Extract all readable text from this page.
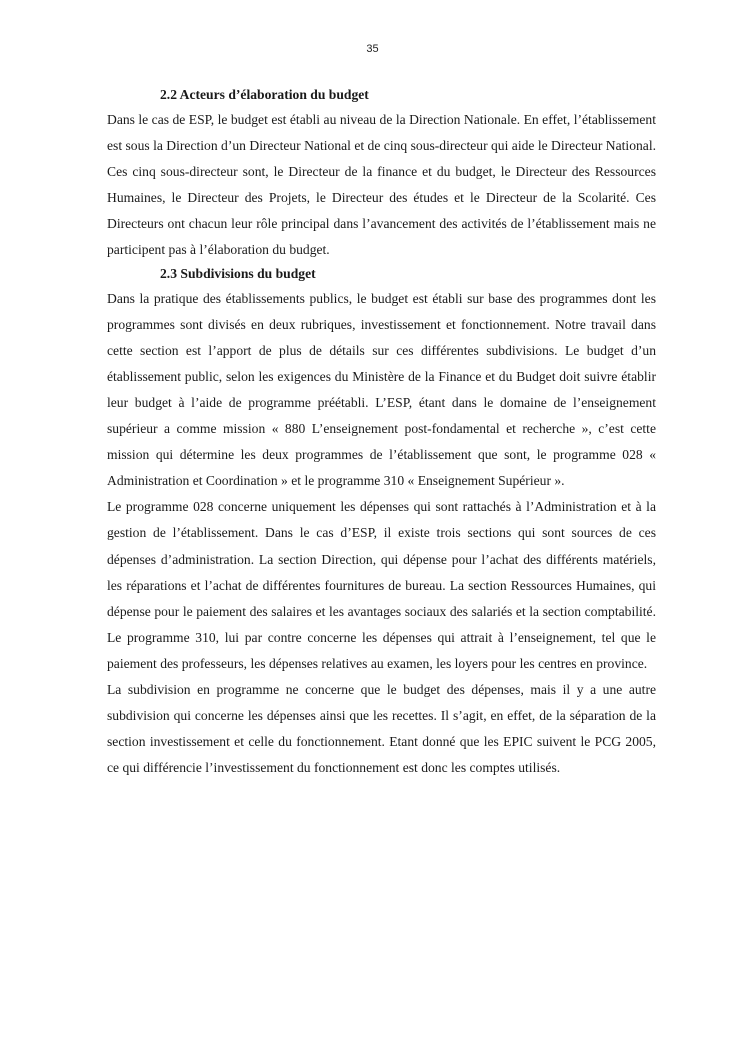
35
2.2 Acteurs d’élaboration du budget

Dans le cas de ESP, le budget est établi au niveau de la Direction Nationale. En effet, l’établissement est sous la Direction d’un Directeur National et de cinq sous-directeur qui aide le Directeur National. Ces cinq sous-directeur sont, le Directeur de la finance et du budget, le Directeur des Ressources Humaines, le Directeur des Projets, le Directeur des études et le Directeur de la Scolarité. Ces Directeurs ont chacun leur rôle principal dans l’avancement des activités de l’établissement mais ne participent pas à l’élaboration du budget.

2.3 Subdivisions du budget

Dans la pratique des établissements publics, le budget est établi sur base des programmes dont les programmes sont divisés en deux rubriques, investissement et fonctionnement. Notre travail dans cette section est l’apport de plus de détails sur ces différentes subdivisions. Le budget d’un établissement public, selon les exigences du Ministère de la Finance et du Budget doit suivre établir leur budget à l’aide de programme préétabli. L’ESP, étant dans le domaine de l’enseignement supérieur a comme mission « 880 L’enseignement post-fondamental et recherche », c’est cette mission qui détermine les deux programmes de l’établissement que sont, le programme 028 « Administration et Coordination » et le programme 310 « Enseignement Supérieur ».

Le programme 028 concerne uniquement les dépenses qui sont rattachés à l’Administration et à la gestion de l’établissement. Dans le cas d’ESP, il existe trois sections qui sont sources de ces dépenses d’administration. La section Direction, qui dépense pour l’achat des différents matériels, les réparations et l’achat de différentes fournitures de bureau. La section Ressources Humaines, qui dépense pour le paiement des salaires et les avantages sociaux des salariés et la section comptabilité. Le programme 310, lui par contre concerne les dépenses qui attrait à l’enseignement, tel que le paiement des professeurs, les dépenses relatives au examen, les loyers pour les centres en province.

La subdivision en programme ne concerne que le budget des dépenses, mais il y a une autre subdivision qui concerne les dépenses ainsi que les recettes. Il s’agit, en effet, de la séparation de la section investissement et celle du fonctionnement. Etant donné que les EPIC suivent le PCG 2005, ce qui différencie l’investissement du fonctionnement est donc les comptes utilisés.
